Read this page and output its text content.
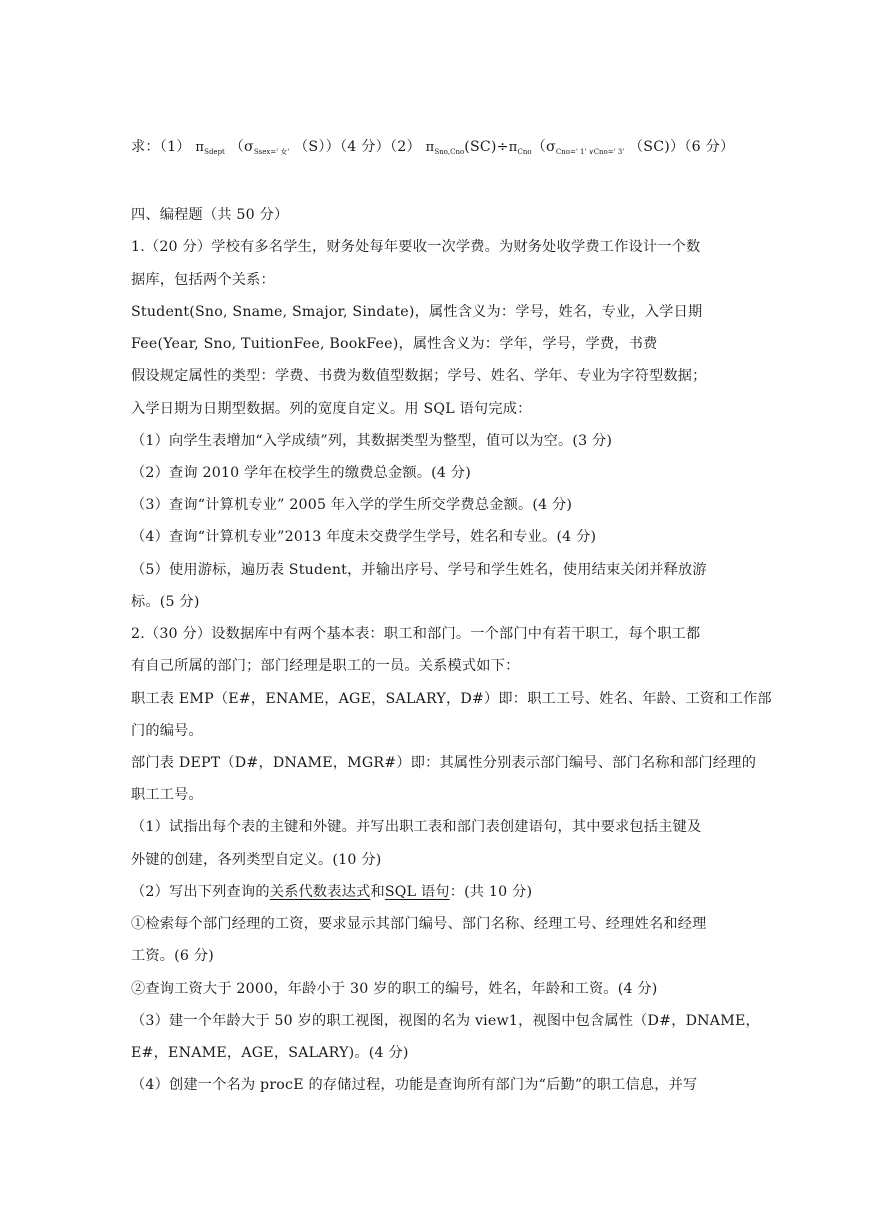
求：（1） $\pi_{Sdept}$ （$\sigma_{Ssex=' 女'}$ （S））（4 分）（2） $\pi_{Sno,Cno}(SC)\div\pi_{Cno}(\sigma_{Cno=' 1' \vee Cno=' 3'}$ （SC)）（6 分）
四、编程题（共 50 分）
1.（20 分）学校有多名学生，财务处每年要收一次学费。为财务处收学费工作设计一个数
据库，包括两个关系：
Student(Sno, Sname, Smajor, Sindate)，属性含义为：学号，姓名，专业，入学日期
Fee(Year, Sno, TuitionFee, BookFee)，属性含义为：学年，学号，学费，书费
假设规定属性的类型：学费、书费为数值型数据；学号、姓名、学年、专业为字符型数据；
入学日期为日期型数据。列的宽度自定义。用 SQL 语句完成：
（1）向学生表增加“入学成绩”列，其数据类型为整型，值可以为空。(3 分)
（2）查询 2010 学年在校学生的缴费总金额。(4 分)
（3）查询“计算机专业” 2005 年入学的学生所交学费总金额。(4 分)
（4）查询“计算机专业”2013 年度未交费学生学号，姓名和专业。(4 分)
（5）使用游标，遍历表 Student，并输出序号、学号和学生姓名，使用结束关闭并释放游
标。(5 分)
2.（30 分）设数据库中有两个基本表：职工和部门。一个部门中有若干职工，每个职工都
有自己所属的部门；部门经理是职工的一员。关系模式如下：
职工表 EMP（E#，ENAME，AGE，SALARY，D#）即：职工工号、姓名、年龄、工资和工作部
门的编号。
部门表 DEPT（D#，DNAME，MGR#）即：其属性分别表示部门编号、部门名称和部门经理的
职工工号。
（1）试指出每个表的主键和外键。并写出职工表和部门表创建语句，其中要求包括主键及
外键的创建，各列类型自定义。(10 分)
（2）写出下列查询的关系代数表达式和SQL 语句：(共 10 分)
①检索每个部门经理的工资，要求显示其部门编号、部门名称、经理工号、经理姓名和经理
工资。(6 分)
②查询工资大于 2000，年龄小于 30 岁的职工的编号，姓名，年龄和工资。(4 分)
（3）建一个年龄大于 50 岁的职工视图，视图的名为 view1，视图中包含属性（D#，DNAME，
E#，ENAME，AGE，SALARY)。(4 分)
（4）创建一个名为 procE 的存储过程，功能是查询所有部门为“后勤”的职工信息，并写
